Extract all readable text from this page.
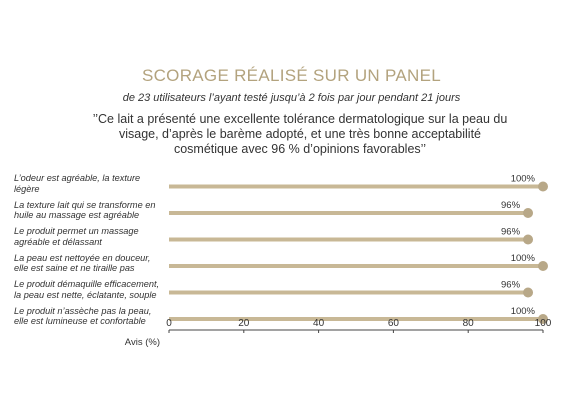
SCORAGE RÉALISÉ SUR UN PANEL
de 23 utilisateurs l’ayant testé jusqu’à 2 fois par jour pendant 21 jours
’’Ce lait a présenté une excellente tolérance dermatologique sur la peau du visage, d’après le barème adopté, et une très bonne acceptabilité cosmétique avec 96 % d’opinions favorables’’
L’odeur est agréable, la texture légère
La texture lait qui se transforme en huile au massage est agréable
Le produit permet un massage agréable et délassant
La peau est nettoyée en douceur, elle est saine et ne tiraille pas
Le produit démaquille efficacement, la peau est nette, éclatante, souple
Le produit n’assèche pas la peau, elle est lumineuse et confortable
100%
96%
96%
100%
96%
100%
0	20	40	60	80	100
Avis (%)
